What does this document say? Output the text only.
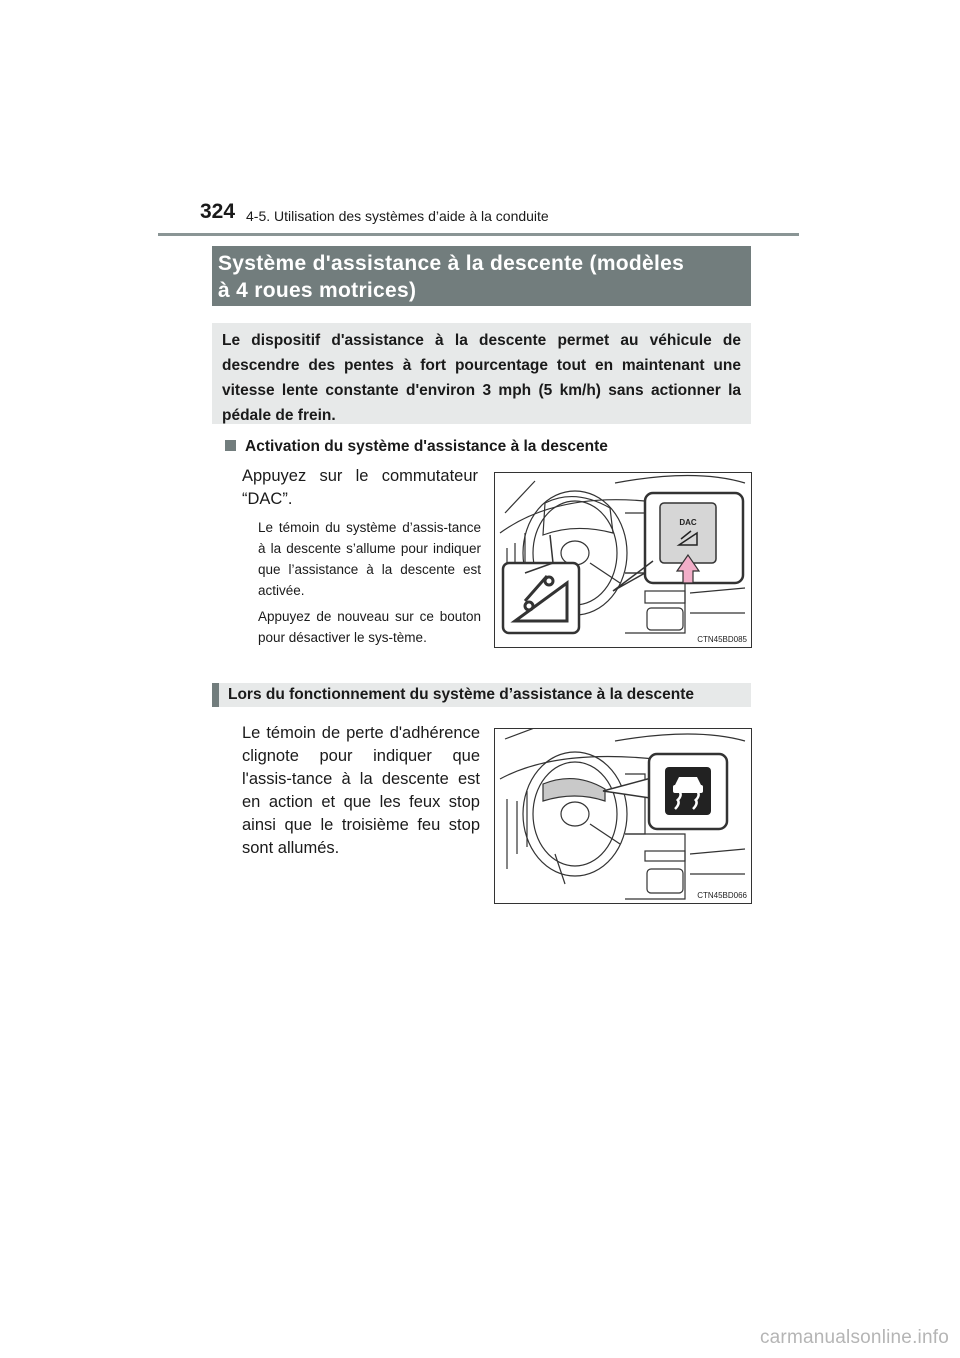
324 4-5. Utilisation des systèmes d’aide à la conduite
Système d'assistance à la descente (modèles
à 4 roues motrices)
Le dispositif d'assistance à la descente permet au véhicule de descendre des pentes à fort pourcentage tout en maintenant une vitesse lente constante d'environ 3 mph (5 km/h) sans actionner la pédale de frein.
Activation du système d'assistance à la descente
Appuyez sur le commutateur “DAC”.
Le témoin du système d’assis-tance à la descente s’allume pour indiquer que l’assistance à la descente est activée.
Appuyez de nouveau sur ce bouton pour désactiver le sys-tème.
DAC
CTN45BD085
Lors du fonctionnement du système d’assistance à la descente
Le témoin de perte d'adhérence clignote pour indiquer que l'assis-tance à la descente est en action et que les feux stop ainsi que le troisième feu stop sont allumés.
CTN45BD066
carmanualsonline.info
